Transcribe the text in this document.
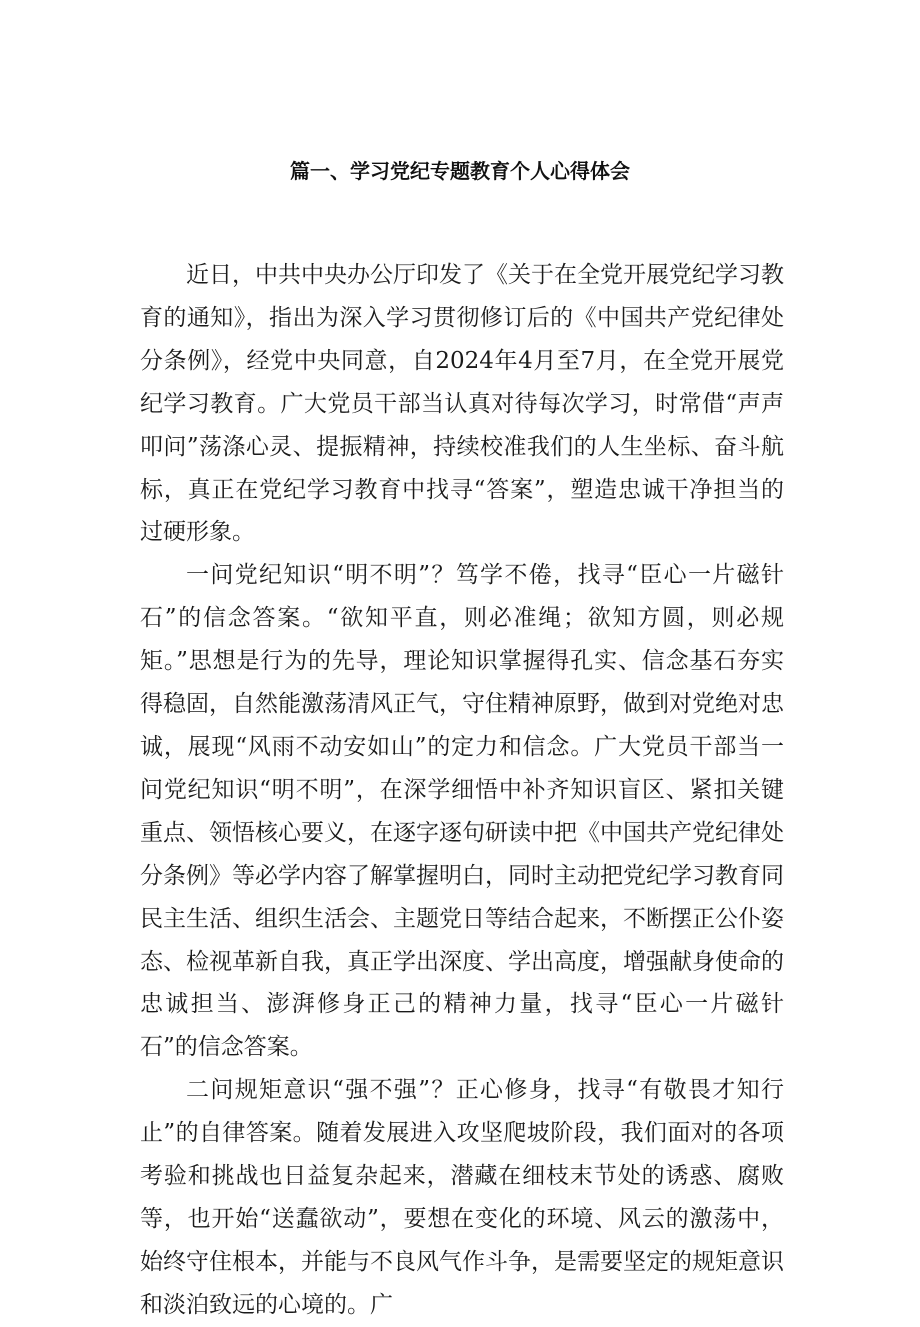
篇一、学习党纪专题教育个人心得体会

近日，中共中央办公厅印发了《关于在全党开展党纪学习教育的通知》，指出为深入学习贯彻修订后的《中国共产党纪律处分条例》，经党中央同意，自2024年4月至7月，在全党开展党纪学习教育。广大党员干部当认真对待每次学习，时常借“声声叩问”荡涤心灵、提振精神，持续校准我们的人生坐标、奋斗航标，真正在党纪学习教育中找寻“答案”，塑造忠诚干净担当的过硬形象。

一问党纪知识“明不明”？笃学不倦，找寻“臣心一片磁针石”的信念答案。“欲知平直，则必准绳；欲知方圆，则必规矩。”思想是行为的先导，理论知识掌握得孔实、信念基石夯实得稳固，自然能激荡清风正气，守住精神原野，做到对党绝对忠诚，展现“风雨不动安如山”的定力和信念。广大党员干部当一问党纪知识“明不明”，在深学细悟中补齐知识盲区、紧扣关键重点、领悟核心要义，在逐字逐句研读中把《中国共产党纪律处分条例》等必学内容了解掌握明白，同时主动把党纪学习教育同民主生活、组织生活会、主题党日等结合起来，不断摆正公仆姿态、检视革新自我，真正学出深度、学出高度，增强献身使命的忠诚担当、澎湃修身正己的精神力量，找寻“臣心一片磁针石”的信念答案。

二问规矩意识“强不强”？正心修身，找寻“有敬畏才知行止”的自律答案。随着发展进入攻坚爬坡阶段，我们面对的各项考验和挑战也日益复杂起来，潜藏在细枝末节处的诱惑、腐败等，也开始“送蠢欲动”，要想在变化的环境、风云的激荡中，始终守住根本，并能与不良风气作斗争，是需要坚定的规矩意识和淡泊致远的心境的。广
